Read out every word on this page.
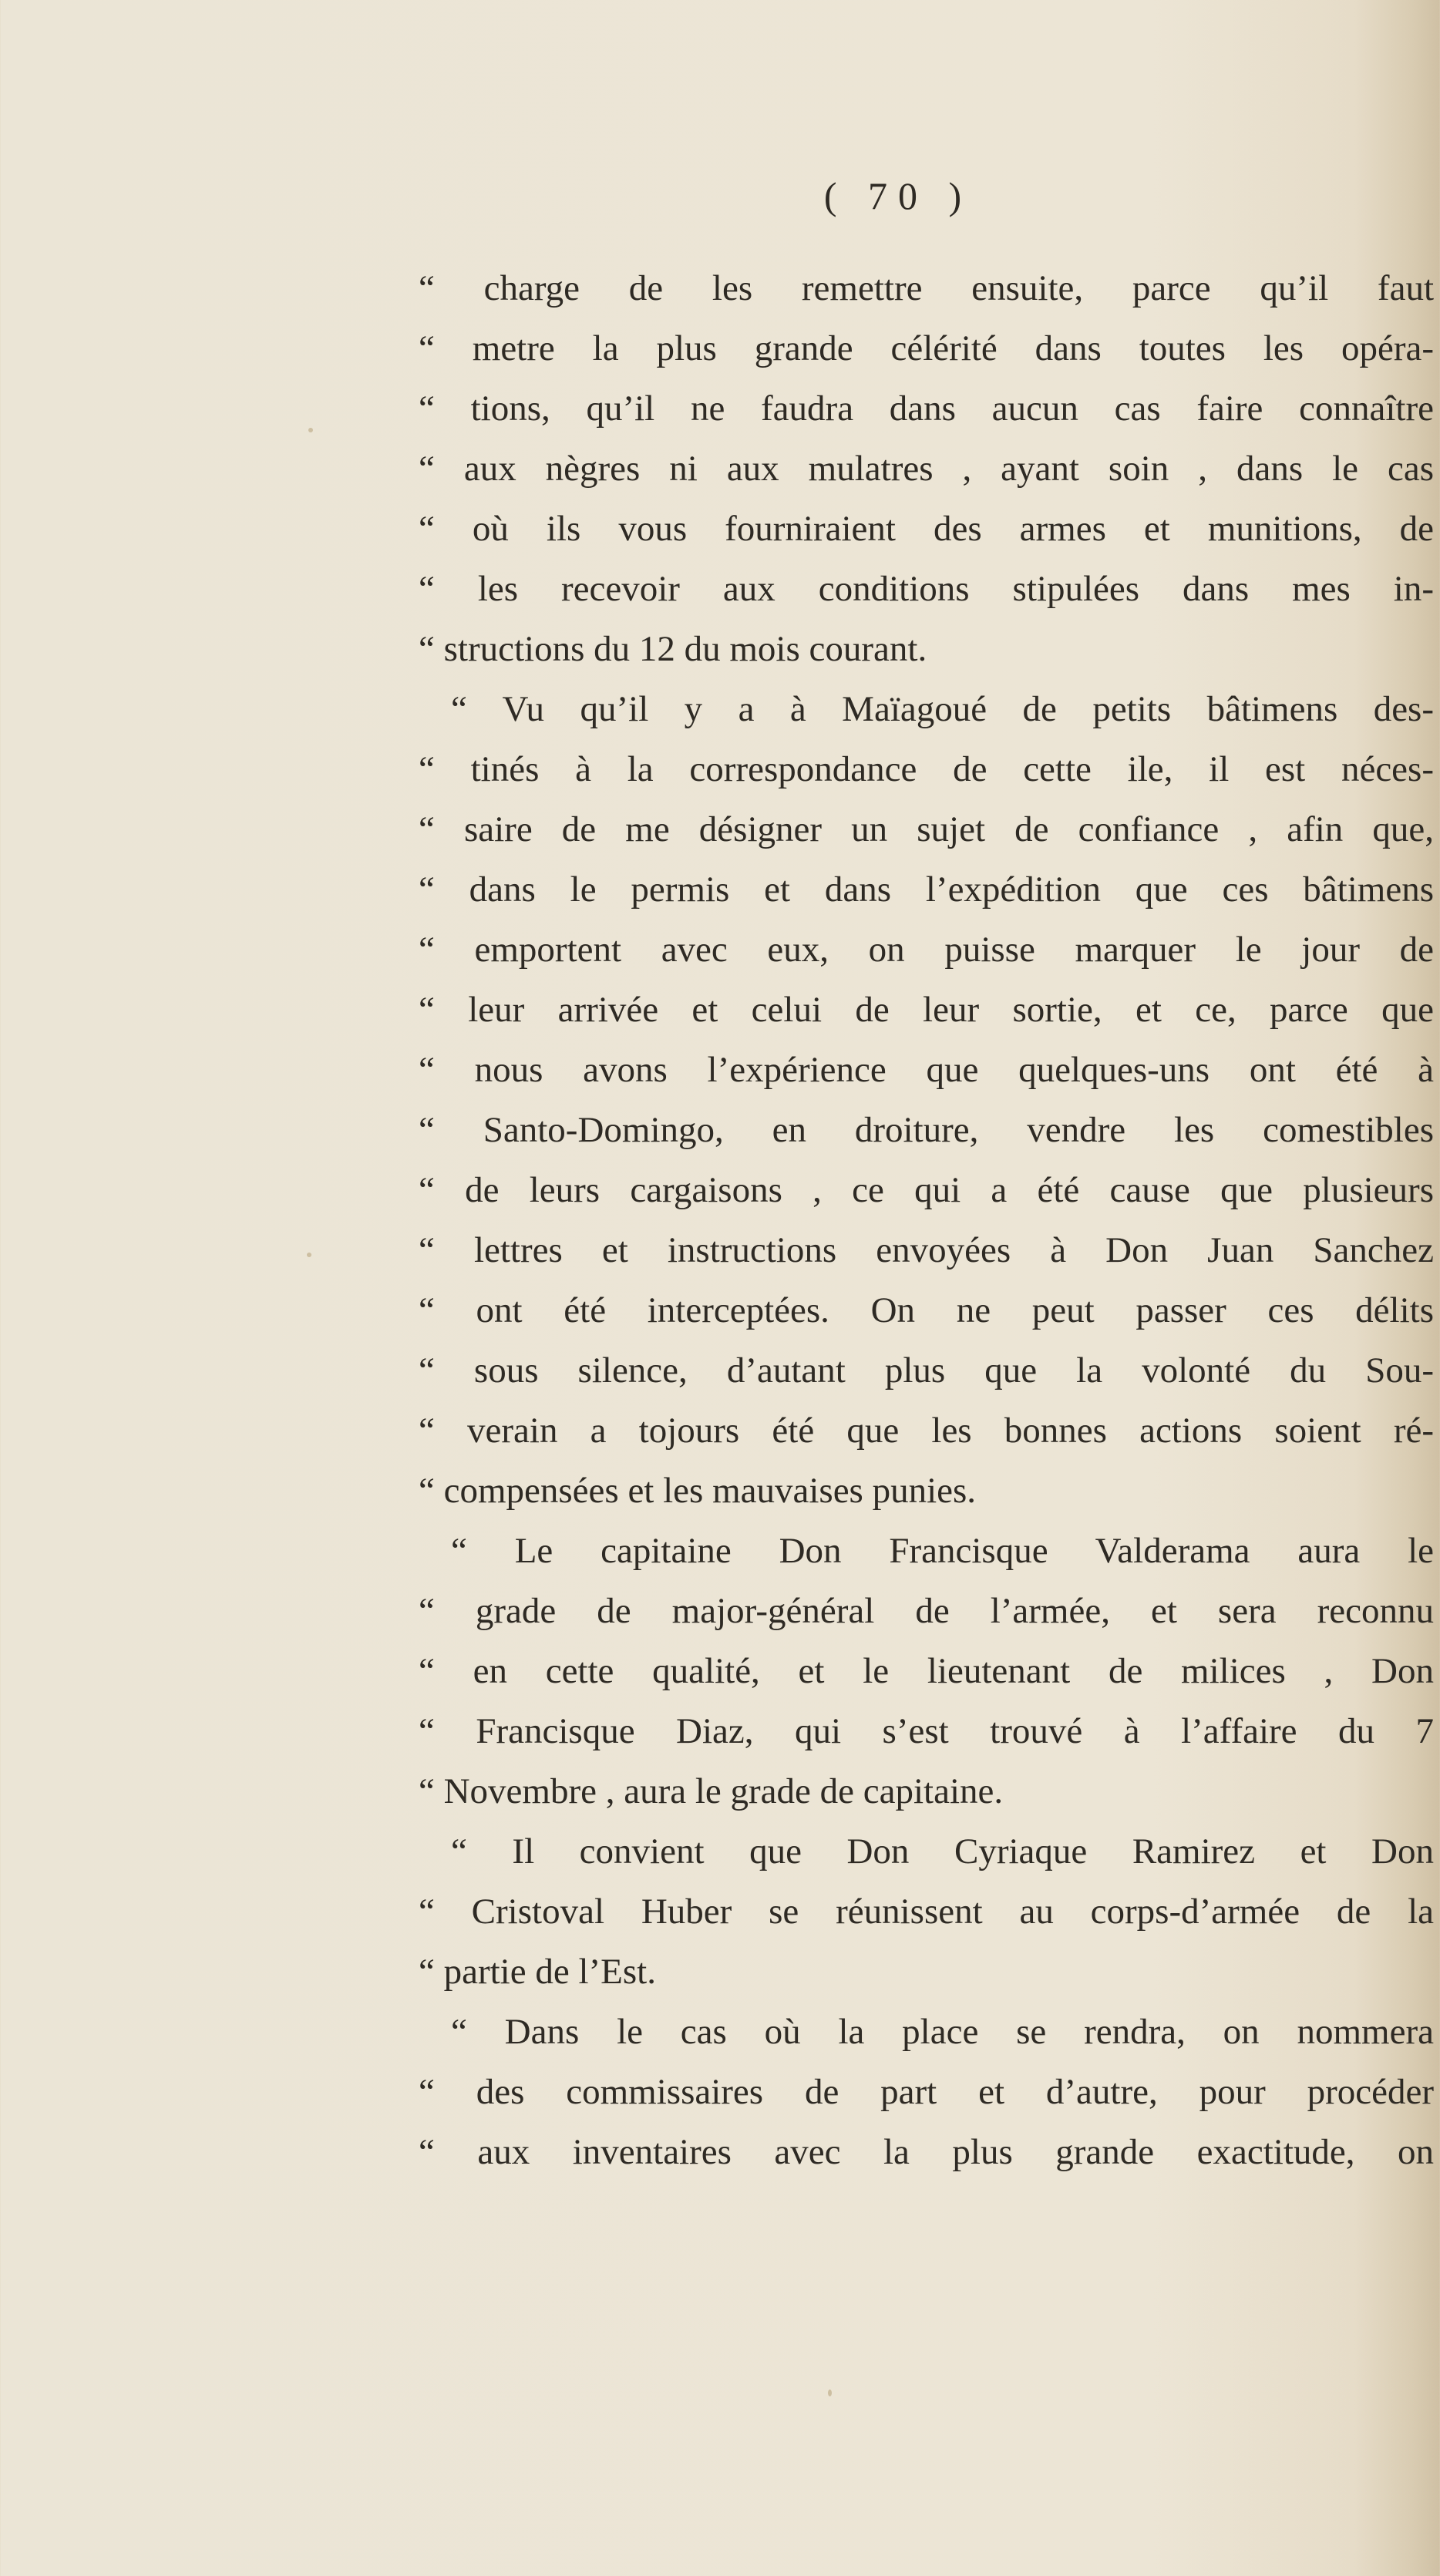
( 70 )
“ charge de les remettre ensuite, parce qu’il faut
“ metre la plus grande célérité dans toutes les opéra-
“ tions, qu’il ne faudra dans aucun cas faire connaître
“ aux nègres ni aux mulatres , ayant soin , dans le cas
“ où ils vous fourniraient des armes et munitions, de
“ les recevoir aux conditions stipulées dans mes in-
“ structions du 12 du mois courant.
“ Vu qu’il y a à Maïagoué de petits bâtimens des-
“ tinés à la correspondance de cette ile, il est néces-
“ saire de me désigner un sujet de confiance , afin que,
“ dans le permis et dans l’expédition que ces bâtimens
“ emportent avec eux, on puisse marquer le jour de
“ leur arrivée et celui de leur sortie, et ce, parce que
“ nous avons l’expérience que quelques-uns ont été à
“ Santo-Domingo, en droiture, vendre les comestibles
“ de leurs cargaisons , ce qui a été cause que plusieurs
“ lettres et instructions envoyées à Don Juan Sanchez
“ ont été interceptées. On ne peut passer ces délits
“ sous silence, d’autant plus que la volonté du Sou-
“ verain a tojours été que les bonnes actions soient ré-
“ compensées et les mauvaises punies.
“ Le capitaine Don Francisque Valderama aura le
“ grade de major-général de l’armée, et sera reconnu
“ en cette qualité, et le lieutenant de milices , Don
“ Francisque Diaz, qui s’est trouvé à l’affaire du 7
“ Novembre , aura le grade de capitaine.
“ Il convient que Don Cyriaque Ramirez et Don
“ Cristoval Huber se réunissent au corps-d’armée de la
“ partie de l’Est.
“ Dans le cas où la place se rendra, on nommera
“ des commissaires de part et d’autre, pour procéder
“ aux inventaires avec la plus grande exactitude, on
